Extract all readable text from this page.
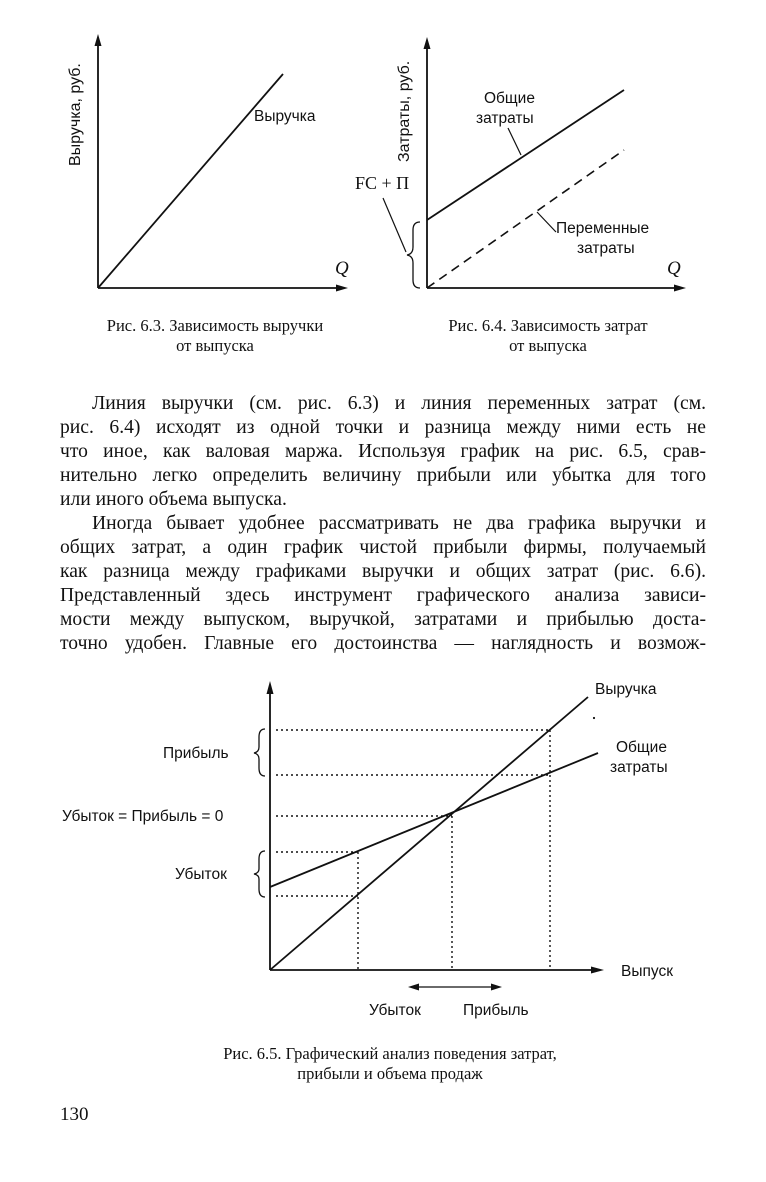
Выручка, руб.	Выручка
Q
Затраты, руб.	Общие
затраты
FC + П
Переменные
затраты
Q
Рис. 6.3. Зависимость выручки
от выпуска
Рис. 6.4. Зависимость затрат
от выпуска
Линия выручки (см. рис. 6.3) и линия переменных затрат (см.
рис. 6.4) исходят из одной точки и разница между ними есть не
что иное, как валовая маржа. Используя график на рис. 6.5, срав-
нительно легко определить величину прибыли или убытка для того
или иного объема выпуска.
Иногда бывает удобнее рассматривать не два графика выручки и
общих затрат, а один график чистой прибыли фирмы, получаемый
как разница между графиками выручки и общих затрат (рис. 6.6).
Представленный здесь инструмент графического анализа зависи-
мости между выпуском, выручкой, затратами и прибылью доста-
точно удобен. Главные его достоинства — наглядность и возмож-
Выручка
Общие
затраты
Прибыль
Убыток = Прибыль = 0
Убыток
Выпуск
Убыток	Прибыль
Рис. 6.5. Графический анализ поведения затрат,
прибыли и объема продаж
130
